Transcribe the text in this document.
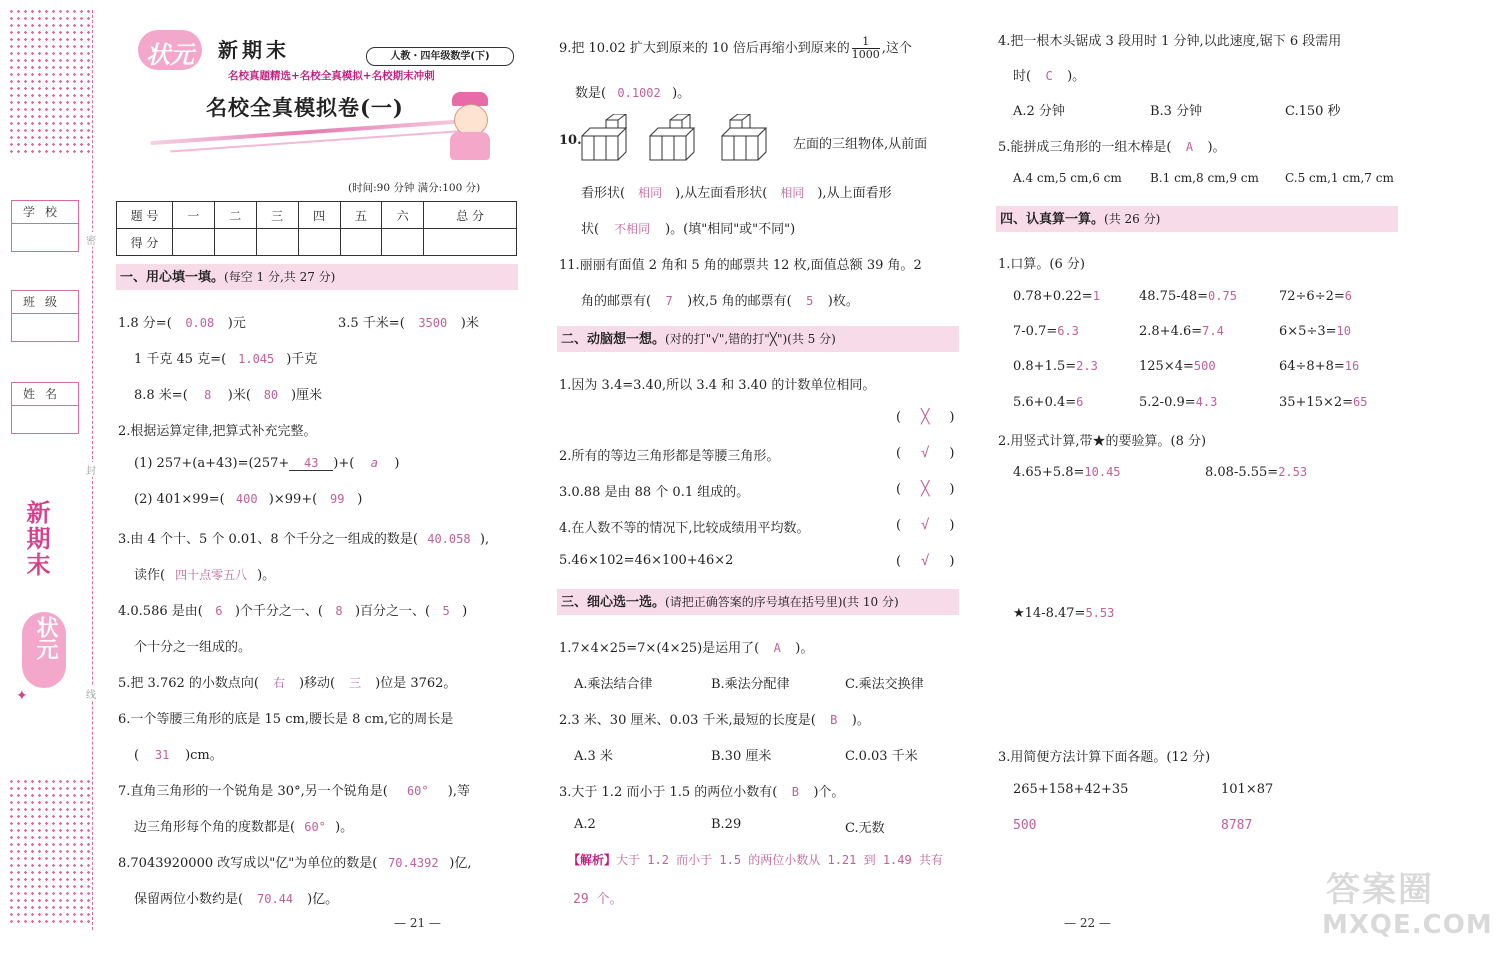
密
封
线
学校
班级
姓名
新期末
状元
✦
状元 新期末	人教・四年级数学(下)
名校真题精选+名校全真模拟+名校期末冲刺
名校全真模拟卷(一)
(时间:90 分钟 满分:100 分)
题 号	一	二	三	四	五	六	总 分
得 分							
一、用心填一填。(每空 1 分,共 27 分)
1.8 分=( 0.08 )元	3.5 千米=( 3500 )米
1 千克 45 克=( 1.045 )千克
8.8 米=( 8 )米( 80 )厘米
2.根据运算定律,把算式补充完整。
(1) 257+(a+43)=(257+ 43 )+( a )
(2) 401×99=( 400 )×99+( 99 )
3.由 4 个十、5 个 0.01、8 个千分之一组成的数是( 40.058 ),
读作( 四十点零五八 )。
4.0.586 是由( 6 )个千分之一、( 8 )百分之一、( 5 )
个十分之一组成的。
5.把 3.762 的小数点向( 右 )移动( 三 )位是 3762。
6.一个等腰三角形的底是 15 cm,腰长是 8 cm,它的周长是
( 31 )cm。
7.直角三角形的一个锐角是 30°,另一个锐角是( 60° ),等
边三角形每个角的度数都是( 60° )。
8.7043920000 改写成以"亿"为单位的数是( 70.4392 )亿,
保留两位小数约是( 70.44 )亿。
— 21 —
9.把 10.02 扩大到原来的 10 倍后再缩小到原来的 $\frac{1}{1000}$ ,这个
数是( 0.1002 )。
10.	左面的三组物体,从前面
看形状( 相同 ),从左面看形状( 相同 ),从上面看形
状( 不相同 )。(填"相同"或"不同")
11.丽丽有面值 2 角和 5 角的邮票共 12 枚,面值总额 39 角。2
角的邮票有( 7 )枚,5 角的邮票有( 5 )枚。
二、动脑想一想。(对的打"√",错的打"╳")(共 5 分)
1.因为 3.4=3.40,所以 3.4 和 3.40 的计数单位相同。
( ╳ )
2.所有的等边三角形都是等腰三角形。	( √ )
3.0.88 是由 88 个 0.1 组成的。	( ╳ )
4.在人数不等的情况下,比较成绩用平均数。	( √ )
5.46×102=46×100+46×2	( √ )
三、细心选一选。(请把正确答案的序号填在括号里)(共 10 分)
1.7×4×25=7×(4×25)是运用了( A )。
A.乘法结合律	B.乘法分配律	C.乘法交换律
2.3 米、30 厘米、0.03 千米,最短的长度是( B )。
A.3 米	B.30 厘米	C.0.03 千米
3.大于 1.2 而小于 1.5 的两位小数有( B )个。
A.2	B.29	C.无数
【解析】大于 1.2 而小于 1.5 的两位小数从 1.21 到 1.49 共有
29 个。
— 22 —
4.把一根木头锯成 3 段用时 1 分钟,以此速度,锯下 6 段需用
时( C )。
A.2 分钟	B.3 分钟	C.150 秒
5.能拼成三角形的一组木棒是( A )。
A.4 cm,5 cm,6 cm B.1 cm,8 cm,9 cm C.5 cm,1 cm,7 cm
四、认真算一算。(共 26 分)
1.口算。(6 分)
0.78+0.22=1	48.75-48=0.75	72÷6÷2=6
7-0.7=6.3	2.8+4.6=7.4	6×5÷3=10
0.8+1.5=2.3	125×4=500	64÷8+8=16
5.6+0.4=6	5.2-0.9=4.3	35+15×2=65
2.用竖式计算,带★的要验算。(8 分)
4.65+5.8=10.45	8.08-5.55=2.53
★14-8.47=5.53
3.用简便方法计算下面各题。(12 分)
265+158+42+35	101×87
500	8787
答案圈
MXQE.COM
